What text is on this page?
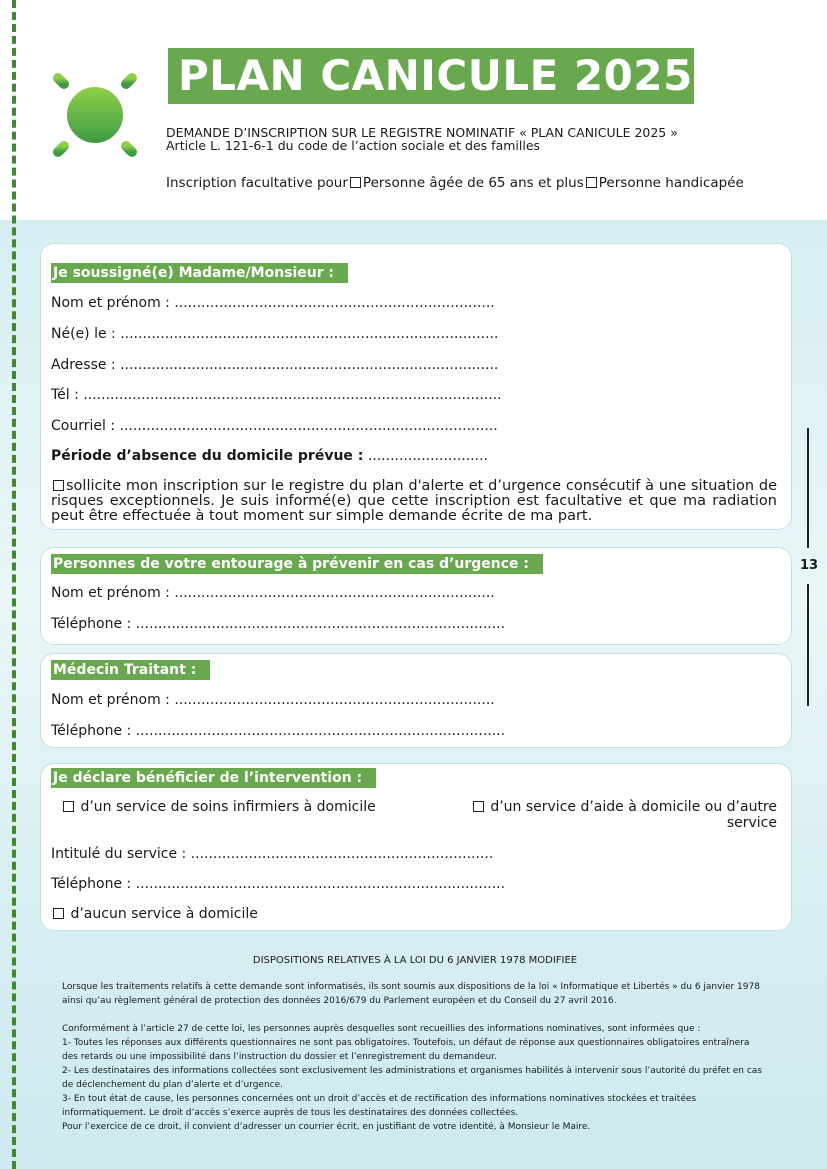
PLAN CANICULE 2025
DEMANDE D’INSCRIPTION SUR LE REGISTRE NOMINATIF « PLAN CANICULE 2025 »
Article L. 121-6-1 du code de l’action sociale et des familles
Inscription facultative pour Personne âgée de 65 ans et plus Personne handicapée
Je soussigné(e) Madame/Monsieur :
Nom et prénom : ........................................................................
Né(e) le : .....................................................................................
Adresse : .....................................................................................
Tél : ..............................................................................................
Courriel : .....................................................................................
Période d’absence du domicile prévue : ...........................
sollicite mon inscription sur le registre du plan d'alerte et d’urgence consécutif à une situation de risques exceptionnels. Je suis informé(e) que cette inscription est facultative et que ma radiation peut être effectuée à tout moment sur simple demande écrite de ma part.
Personnes de votre entourage à prévenir en cas d’urgence :
Nom et prénom : ........................................................................
Téléphone : ...................................................................................
Médecin Traitant :
Nom et prénom : ........................................................................
Téléphone : ...................................................................................
Je déclare bénéficier de l’intervention :
d’un service de soins infirmiers à domicile	d’un service d’aide à domicile ou d’autre service
Intitulé du service : ....................................................................
Téléphone : ...................................................................................
d’aucun service à domicile
13
DISPOSITIONS RELATIVES À LA LOI DU 6 JANVIER 1978 MODIFIEE
Lorsque les traitements relatifs à cette demande sont informatisés, ils sont soumis aux dispositions de la loi « Informatique et Libertés » du 6 janvier 1978 ainsi qu’au règlement général de protection des données 2016/679 du Parlement européen et du Conseil du 27 avril 2016.
Conformément à l’article 27 de cette loi, les personnes auprès desquelles sont recueillies des informations nominatives, sont informées que :
1- Toutes les réponses aux différents questionnaires ne sont pas obligatoires. Toutefois, un défaut de réponse aux questionnaires obligatoires entraînera des retards ou une impossibilité dans l’instruction du dossier et l’enregistrement du demandeur.
2- Les destinataires des informations collectées sont exclusivement les administrations et organismes habilités à intervenir sous l’autorité du préfet en cas de déclenchement du plan d’alerte et d’urgence.
3- En tout état de cause, les personnes concernées ont un droit d’accès et de rectification des informations nominatives stockées et traitées informatiquement. Le droit d’accès s’exerce auprès de tous les destinataires des données collectées.
Pour l’exercice de ce droit, il convient d’adresser un courrier écrit, en justifiant de votre identité, à Monsieur le Maire.
